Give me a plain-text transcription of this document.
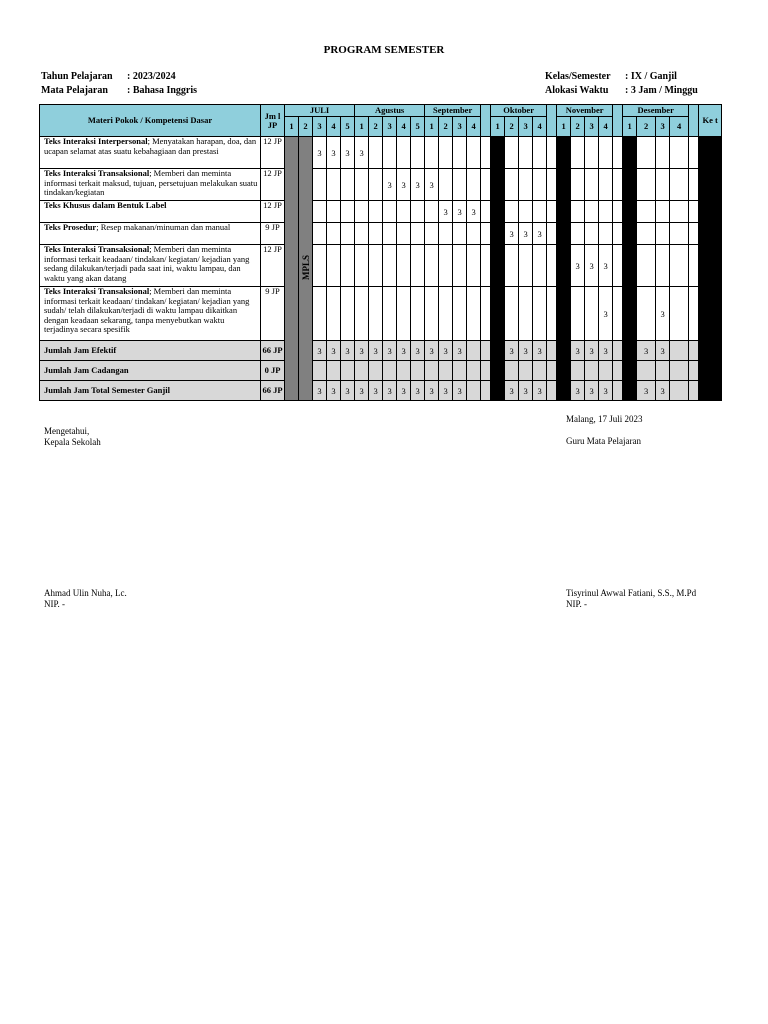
PROGRAM SEMESTER
Tahun Pelajaran	: 2023/2024
Mata Pelajaran	: Bahasa Inggris
Kelas/Semester	: IX / Ganjil
Alokasi Waktu	: 3 Jam / Minggu
Materi Pokok / Kompetensi Dasar	Jm l JP	JULI					Agustus					September					Oktober					November					Desember					Ke t	
		1	2	3	4	5	1	2	3	4	5	1	2	3	4		1	2	3	4		1	2	3	4		1	2	3	4			
Teks Interaksi Interpersonal; Menyatakan harapan, doa, dan ucapan selamat atas suatu kebahagiaan dan prestasi	12 JP		MPLS	3	3	3	3																										
Teks Interaksi Transaksional; Memberi dan meminta informasi terkait maksud, tujuan, persetujuan melakukan suatu tindakan/kegiatan	12 JP								3	3	3	3																					
Teks Khusus dalam Bentuk Label	12 JP												3	3	3																		
Teks Prosedur; Resep makanan/minuman dan manual	9 JP																	3	3	3													
Teks Interaksi Transaksional; Memberi dan meminta informasi terkait keadaan/ tindakan/ kegiatan/ kejadian yang sedang dilakukan/terjadi pada saat ini, waktu lampau, dan waktu yang akan datang	12 JP																						3	3	3								
Teks Interaksi Transaksional; Memberi dan meminta informasi terkait keadaan/ tindakan/ kegiatan/ kejadian yang sudah/ telah dilakukan/terjadi di waktu lampau dikaitkan dengan keadaan sekarang, tanpa menyebutkan waktu terjadinya secara spesifik	9 JP																								3				3				
Jumlah Jam Efektif	66 JP			3	3	3	3	3	3	3	3	3	3	3				3	3	3			3	3	3			3	3				
Jumlah Jam Cadangan	0 JP																																
Jumlah Jam Total Semester Ganjil	66 JP			3	3	3	3	3	3	3	3	3	3	3				3	3	3			3	3	3			3	3				
Mengetahui,
Kepala Sekolah
Malang, 17 Juli 2023
Guru Mata Pelajaran
Ahmad Ulin Nuha, Lc.
NIP. -
Tisyrinul Awwal Fatiani, S.S., M.Pd
NIP. -
